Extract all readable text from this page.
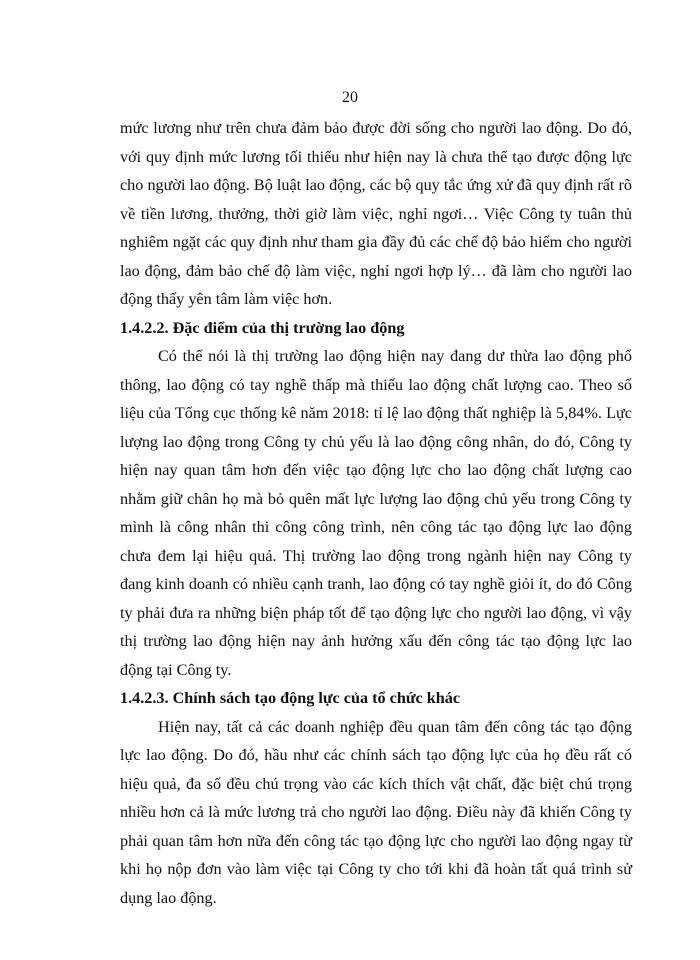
20

mức lương như trên chưa đảm bảo được đời sống cho người lao động. Do đó, với quy định mức lương tối thiểu như hiện nay là chưa thể tạo được động lực cho người lao động. Bộ luật lao động, các bộ quy tắc ứng xử đã quy định rất rõ về tiền lương, thưởng, thời giờ làm việc, nghỉ ngơi… Việc Công ty tuân thủ nghiêm ngặt các quy định như tham gia đầy đủ các chế độ bảo hiểm cho người lao động, đảm bảo chế độ làm việc, nghỉ ngơi hợp lý… đã làm cho người lao động thấy yên tâm làm việc hơn.

1.4.2.2. Đặc điểm của thị trường lao động

Có thể nói là thị trường lao động hiện nay đang dư thừa lao động phổ thông, lao động có tay nghề thấp mà thiếu lao động chất lượng cao. Theo số liệu của Tổng cục thống kê năm 2018: tỉ lệ lao động thất nghiệp là 5,84%. Lực lượng lao động trong Công ty chủ yếu là lao động công nhân, do đó, Công ty hiện nay quan tâm hơn đến việc tạo động lực cho lao động chất lượng cao nhằm giữ chân họ mà bỏ quên mất lực lượng lao động chủ yếu trong Công ty mình là công nhân thi công công trình, nên công tác tạo động lực lao động chưa đem lại hiệu quả. Thị trường lao động trong ngành hiện nay Công ty đang kinh doanh có nhiều cạnh tranh, lao động có tay nghề giỏi ít, do đó Công ty phải đưa ra những biện pháp tốt để tạo động lực cho người lao động, vì vậy thị trường lao động hiện nay ảnh hưởng xấu đến công tác tạo động lực lao động tại Công ty.

1.4.2.3. Chính sách tạo động lực của tổ chức khác

Hiện nay, tất cả các doanh nghiệp đều quan tâm đến công tác tạo động lực lao động. Do đó, hầu như các chính sách tạo động lực của họ đều rất có hiệu quả, đa số đều chú trọng vào các kích thích vật chất, đặc biệt chú trọng nhiều hơn cả là mức lương trả cho người lao động. Điều này đã khiến Công ty phải quan tâm hơn nữa đến công tác tạo động lực cho người lao động ngay từ khi họ nộp đơn vào làm việc tại Công ty cho tới khi đã hoàn tất quá trình sử dụng lao động.
